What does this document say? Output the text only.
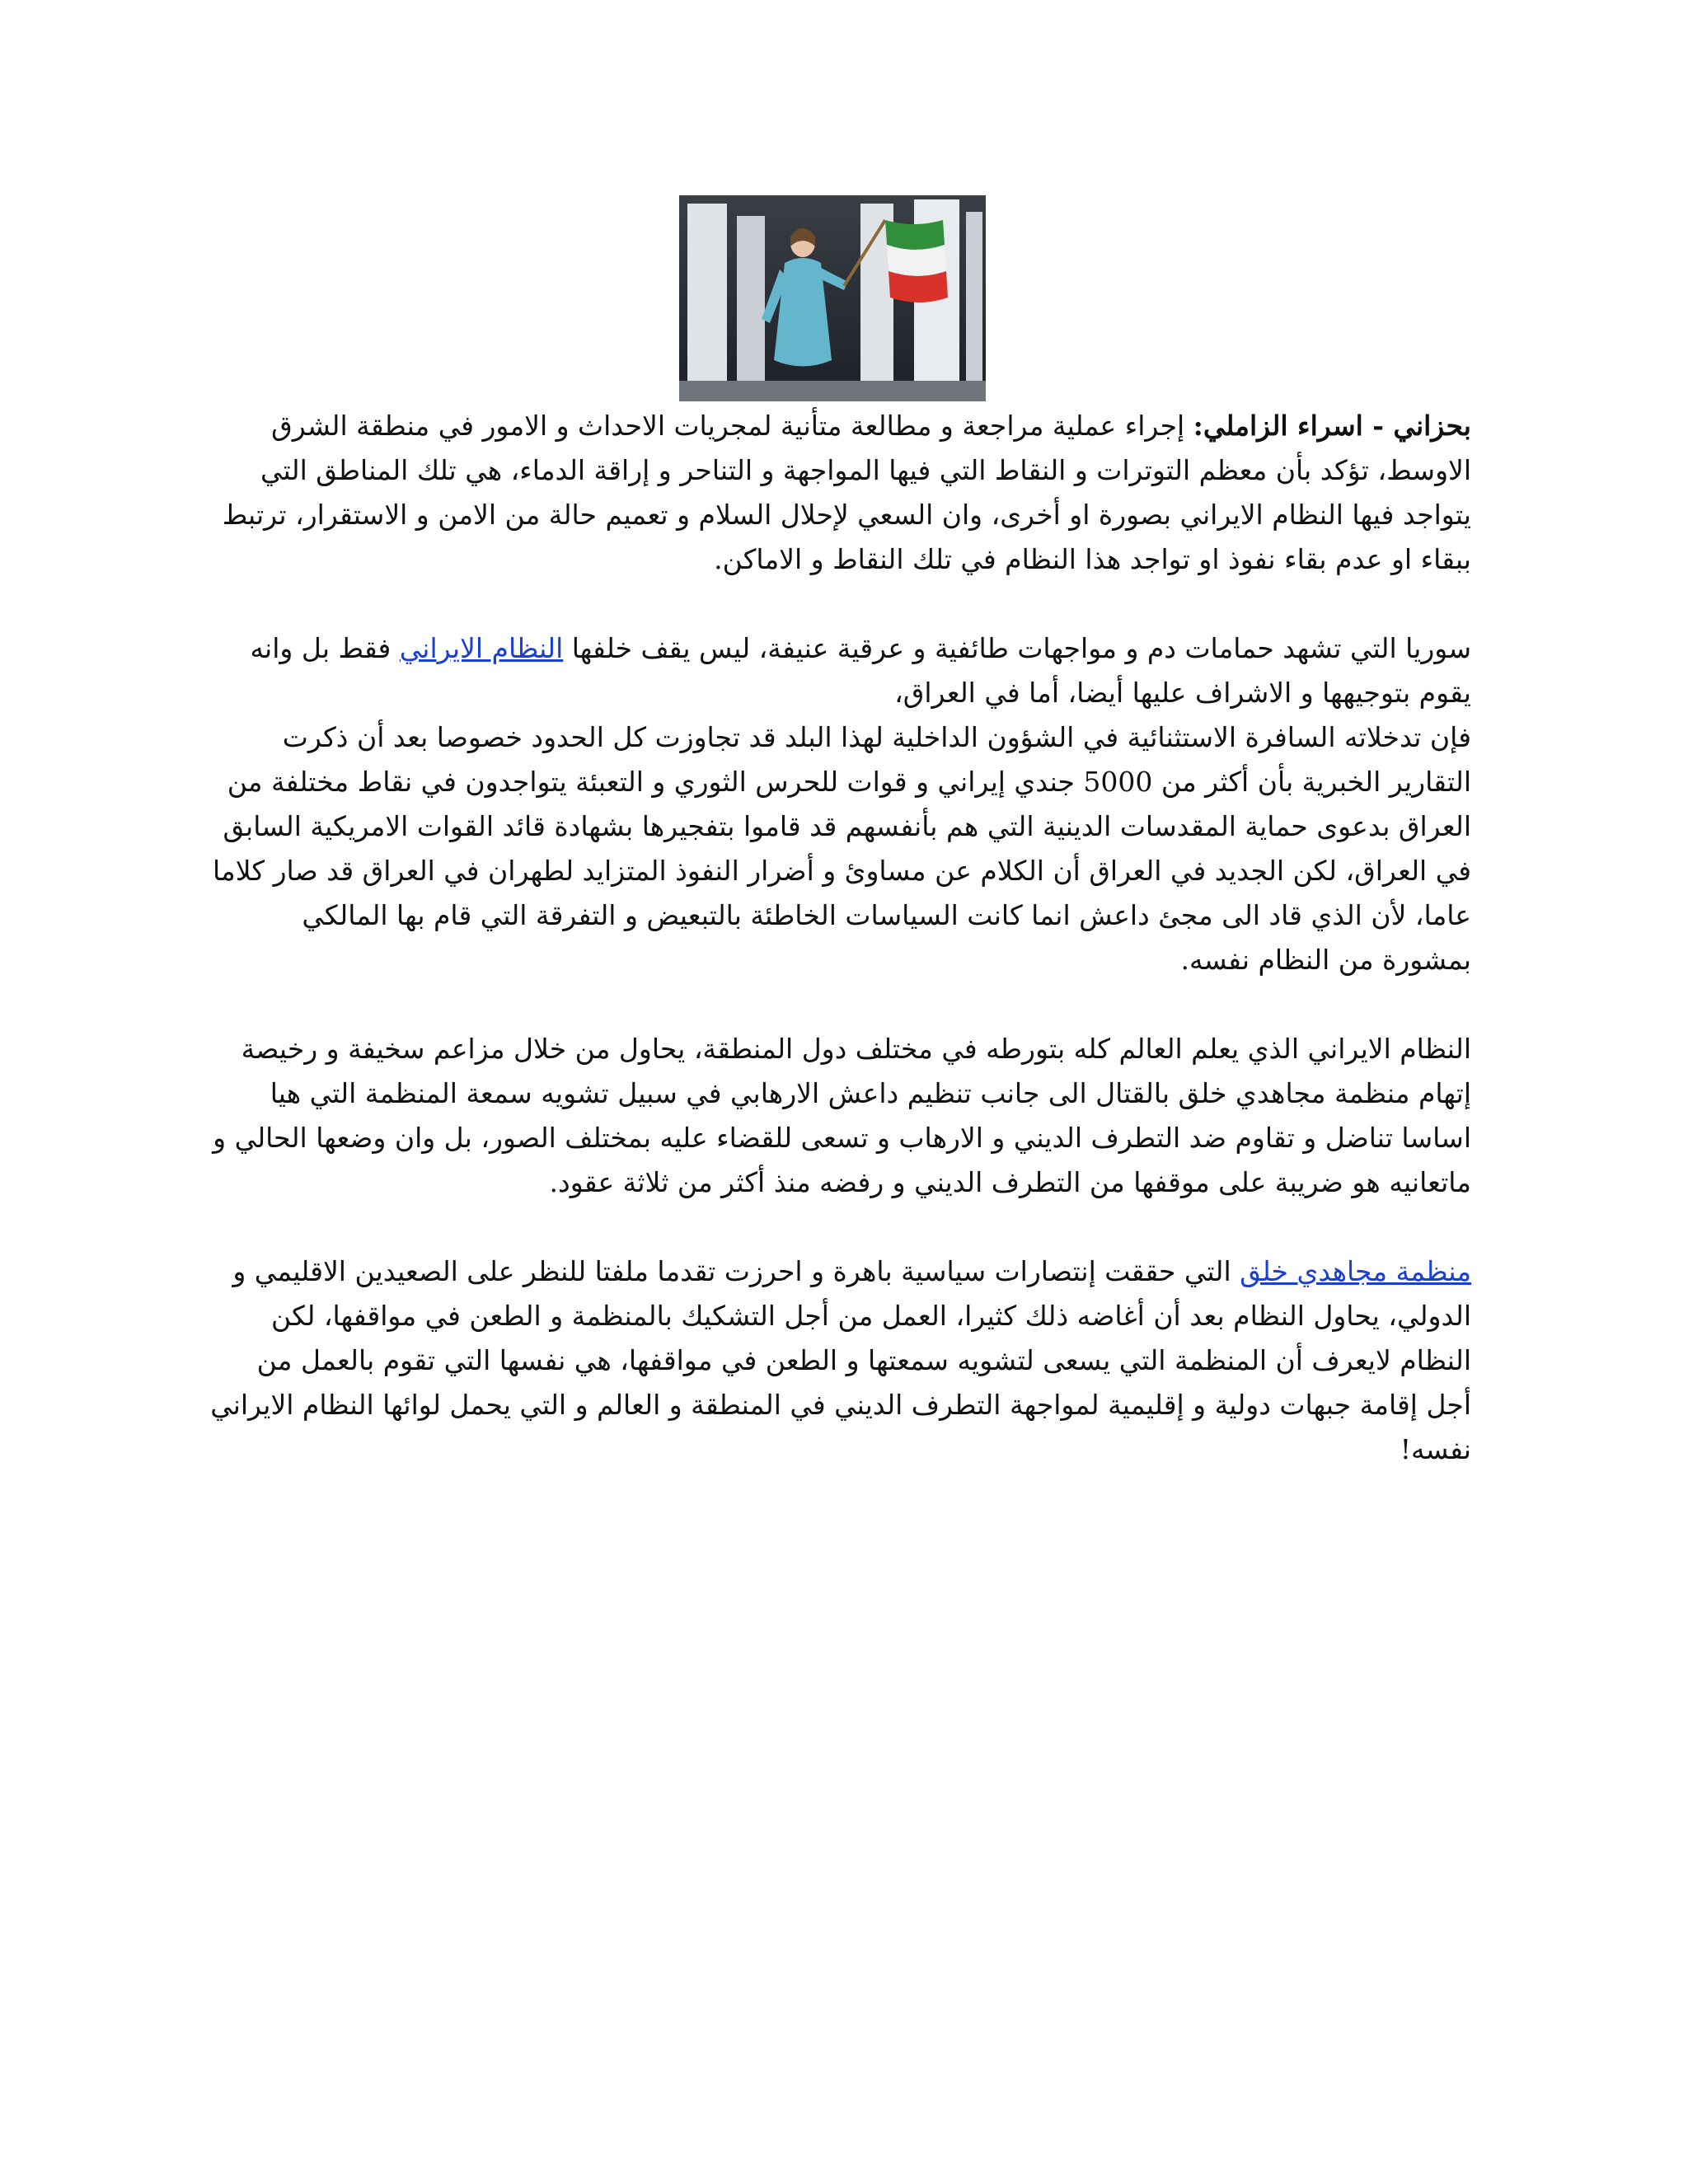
بحزاني - اسراء الزاملي: إجراء عملية مراجعة و مطالعة متأنية لمجريات الاحداث و الامور في منطقة الشرق الاوسط، تؤكد بأن معظم التوترات و النقاط التي فيها المواجهة و التناحر و إراقة الدماء، هي تلك المناطق التي يتواجد فيها النظام الايراني بصورة او أخرى، وان السعي لإحلال السلام و تعميم حالة من الامن و الاستقرار، ترتبط ببقاء او عدم بقاء نفوذ او تواجد هذا النظام في تلك النقاط و الاماكن.

سوريا التي تشهد حمامات دم و مواجهات طائفية و عرقية عنيفة، ليس يقف خلفها النظام الايراني فقط بل وانه يقوم بتوجيهها و الاشراف عليها أيضا، أما في العراق،

فإن تدخلاته السافرة الاستثنائية في الشؤون الداخلية لهذا البلد قد تجاوزت كل الحدود خصوصا بعد أن ذكرت التقارير الخبرية بأن أكثر من 5000 جندي إيراني و قوات للحرس الثوري و التعبئة يتواجدون في نقاط مختلفة من العراق بدعوى حماية المقدسات الدينية التي هم بأنفسهم قد قاموا بتفجيرها بشهادة قائد القوات الامريكية السابق في العراق، لكن الجديد في العراق أن الكلام عن مساوئ و أضرار النفوذ المتزايد لطهران في العراق قد صار كلاما عاما، لأن الذي قاد الى مجئ داعش انما كانت السياسات الخاطئة بالتبعيض و التفرقة التي قام بها المالكي بمشورة من النظام نفسه.

النظام الايراني الذي يعلم العالم كله بتورطه في مختلف دول المنطقة، يحاول من خلال مزاعم سخيفة و رخيصة إتهام منظمة مجاهدي خلق بالقتال الى جانب تنظيم داعش الارهابي في سبيل تشويه سمعة المنظمة التي هيا اساسا تناضل و تقاوم ضد التطرف الديني و الارهاب و تسعى للقضاء عليه بمختلف الصور، بل وان وضعها الحالي و ماتعانيه هو ضريبة على موقفها من التطرف الديني و رفضه منذ أكثر من ثلاثة عقود.

منظمة مجاهدي خلق التي حققت إنتصارات سياسية باهرة و احرزت تقدما ملفتا للنظر على الصعيدين الاقليمي و الدولي، يحاول النظام بعد أن أغاضه ذلك كثيرا، العمل من أجل التشكيك بالمنظمة و الطعن في مواقفها، لكن النظام لايعرف أن المنظمة التي يسعى لتشويه سمعتها و الطعن في مواقفها، هي نفسها التي تقوم بالعمل من أجل إقامة جبهات دولية و إقليمية لمواجهة التطرف الديني في المنطقة و العالم و التي يحمل لوائها النظام الايراني نفسه!
